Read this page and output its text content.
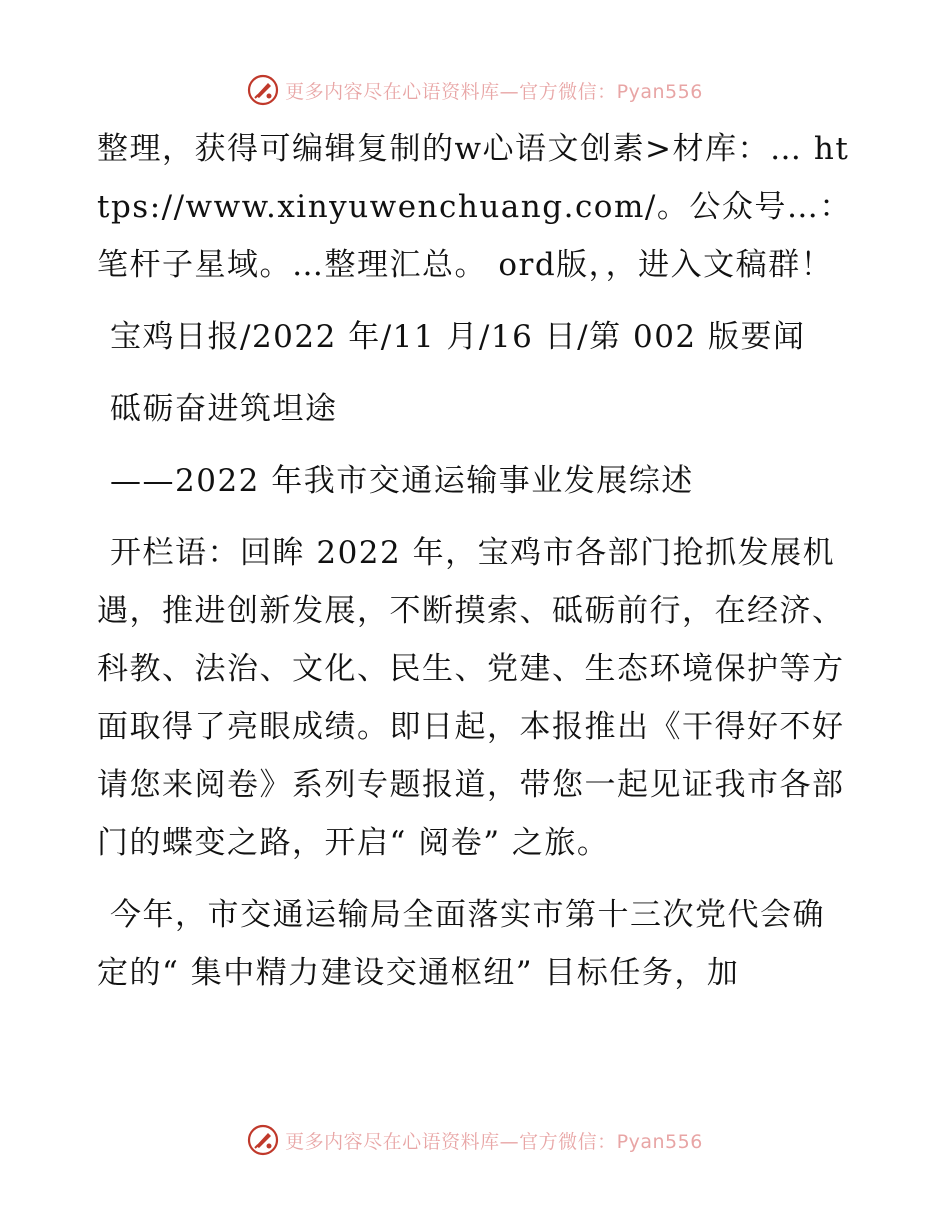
更多内容尽在心语资料库—官方微信：Pyan556

整理，获得可编辑复制的w心语文创素>材库：… https://www.xinyuwenchuang.com/。公众号…：笔杆子星域。…整理汇总。 ord版，，进入文稿群！

宝鸡日报/2022 年/11 月/16 日/第 002 版要闻

砥砺奋进筑坦途

——2022 年我市交通运输事业发展综述

开栏语：回眸 2022 年，宝鸡市各部门抢抓发展机遇，推进创新发展，不断摸索、砥砺前行，在经济、科教、法治、文化、民生、党建、生态环境保护等方面取得了亮眼成绩。即日起，本报推出《干得好不好请您来阅卷》系列专题报道，带您一起见证我市各部门的蝶变之路，开启“ 阅卷” 之旅。

今年，市交通运输局全面落实市第十三次党代会确定的“ 集中精力建设交通枢纽” 目标任务，加

更多内容尽在心语资料库—官方微信：Pyan556
